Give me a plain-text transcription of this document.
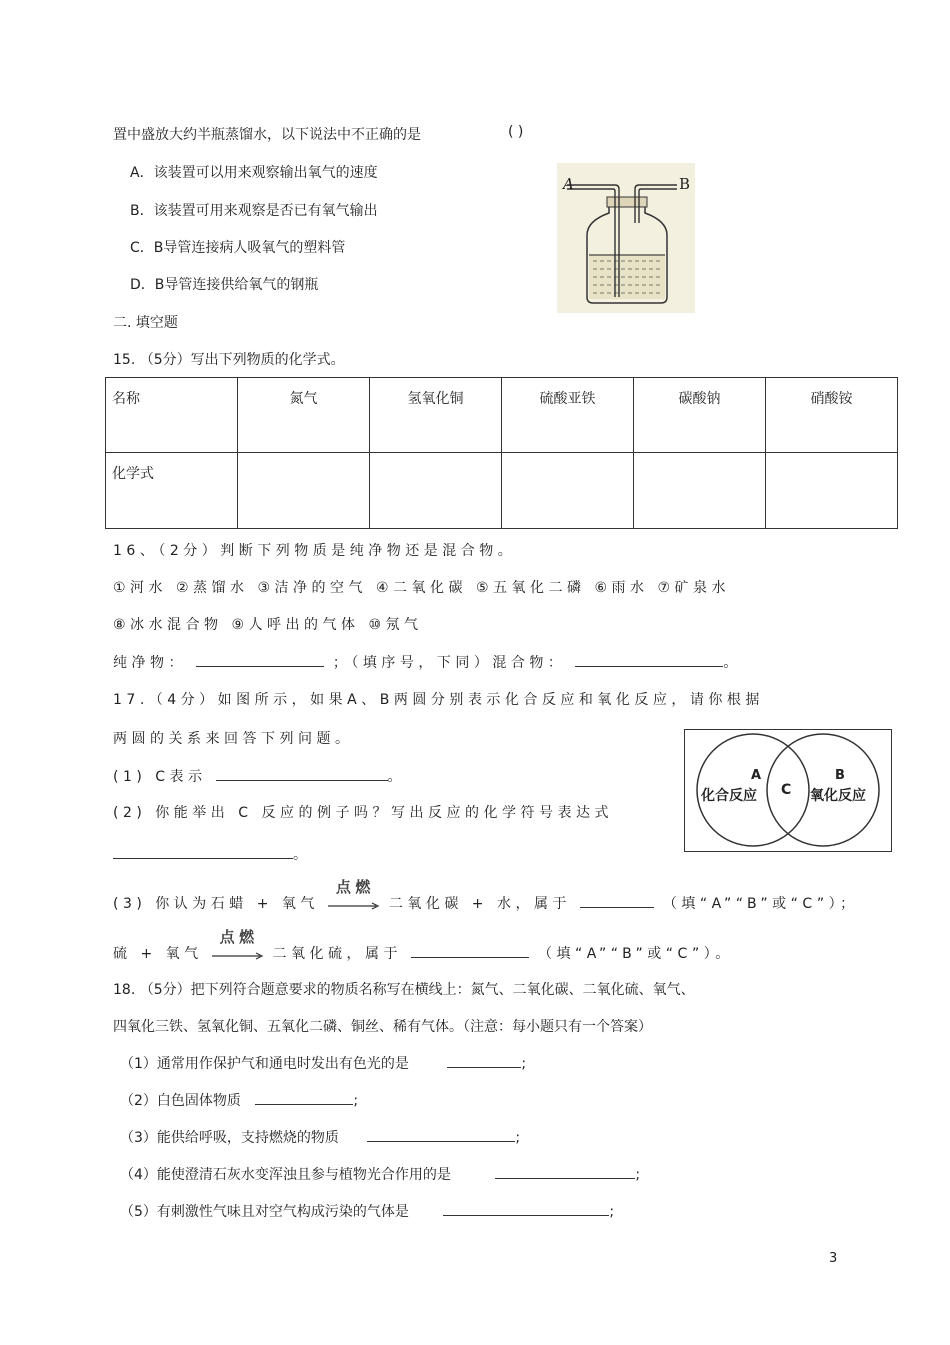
置中盛放大约半瓶蒸馏水，以下说法中不正确的是	( )
A．该装置可以用来观察输出氧气的速度
B．该装置可用来观察是否已有氧气输出
C．B导管连接病人吸氧气的塑料管
D．B导管连接供给氧气的钢瓶
A	B
二. 填空题
15. （5分）写出下列物质的化学式。
名称	氮气	氢氧化铜	硫酸亚铁	碳酸钠	硝酸铵
化学式					
16、（2分）判断下列物质是纯净物还是混合物。
①河水 ②蒸馏水 ③洁净的空气 ④二氧化碳 ⑤五氧化二磷 ⑥雨水 ⑦矿泉水
⑧冰水混合物 ⑨人呼出的气体 ⑩氖气
纯净物：	；（填序号，下同）混合物：	。
17.（4分）如图所示，如果A、B两圆分别表示化合反应和氧化反应，请你根据
两圆的关系来回答下列问题。
(1) C表示	。
(2) 你能举出 C 反应的例子吗？写出反应的化学符号表达式
。
A
化合反应 C
B
氧化反应
(3) 你认为石蜡 + 氧气
点燃
二氧化碳 + 水，属于	（填“A”“B”或“C”）；
硫 + 氧气
点燃
二氧化硫，属于	（填“A”“B”或“C”）。
18. （5分）把下列符合题意要求的物质名称写在横线上：氮气、二氧化碳、二氧化硫、氧气、
四氧化三铁、氢氧化铜、五氧化二磷、铜丝、稀有气体。（注意：每小题只有一个答案）
（1）通常用作保护气和通电时发出有色光的是	;
（2）白色固体物质	;
（3）能供给呼吸，支持燃烧的物质	;
（4）能使澄清石灰水变浑浊且参与植物光合作用的是	;
（5）有刺激性气味且对空气构成污染的气体是	;
3
